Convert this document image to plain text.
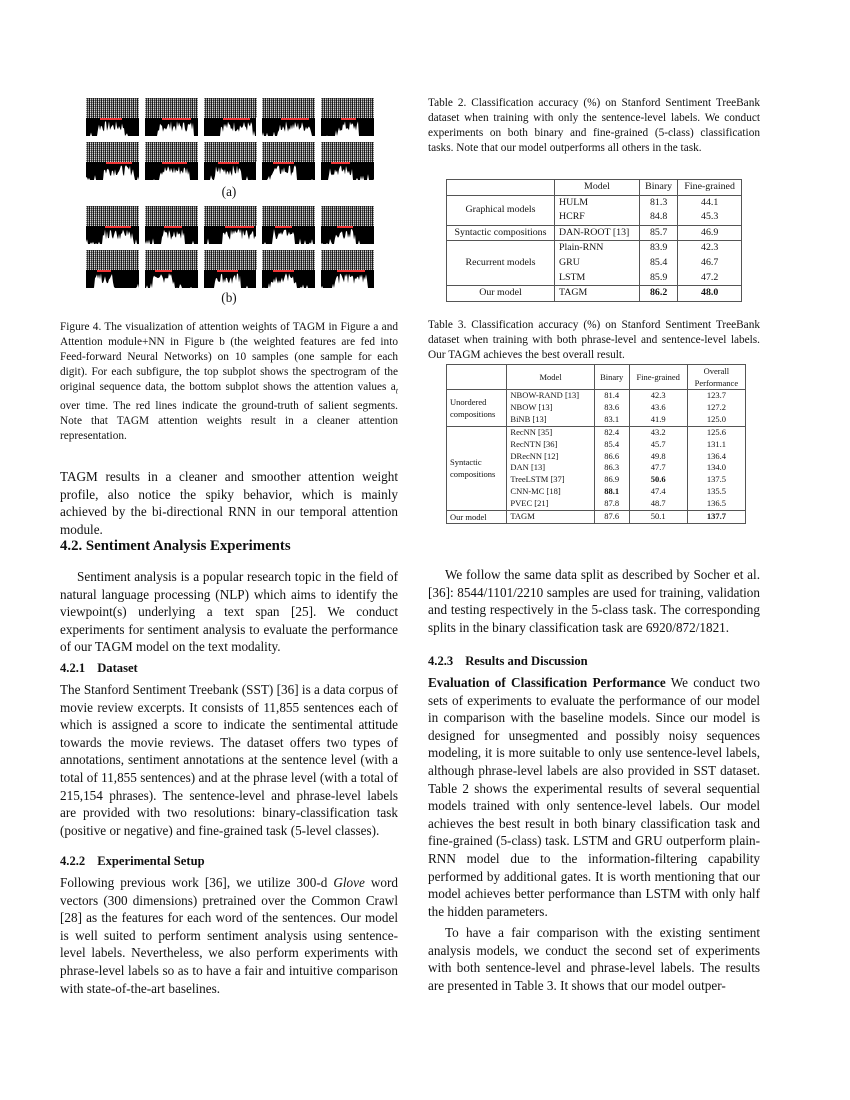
(a)
(b)

Figure 4. The visualization of attention weights of TAGM in Figure a and Attention module+NN in Figure b (the weighted features are fed into Feed-forward Neural Networks) on 10 samples (one sample for each digit). For each subfigure, the top subplot shows the spectrogram of the original sequence data, the bottom subplot shows the attention values $a_t$ over time. The red lines indicate the ground-truth of salient segments. Note that TAGM attention weights result in a cleaner attention representation.

TAGM results in a cleaner and smoother attention weight profile, also notice the spiky behavior, which is mainly achieved by the bi-directional RNN in our temporal attention module.

4.2. Sentiment Analysis Experiments

Sentiment analysis is a popular research topic in the field of natural language processing (NLP) which aims to identify the viewpoint(s) underlying a text span [25]. We conduct experiments for sentiment analysis to evaluate the performance of our TAGM model on the text modality.

4.2.1 Dataset

The Stanford Sentiment Treebank (SST) [36] is a data corpus of movie review excerpts. It consists of 11,855 sentences each of which is assigned a score to indicate the sentimental attitude towards the movie reviews. The dataset offers two types of annotations, sentiment annotations at the sentence level (with a total of 11,855 sentences) and at the phrase level (with a total of 215,154 phrases). The sentence-level and phrase-level labels are provided with two resolutions: binary-classification task (positive or negative) and fine-grained task (5-level classes).

4.2.2 Experimental Setup

Following previous work [36], we utilize 300-d Glove word vectors (300 dimensions) pretrained over the Common Crawl [28] as the features for each word of the sentences. Our model is well suited to perform sentiment analysis using sentence-level labels. Nevertheless, we also perform experiments with phrase-level labels so as to have a fair and intuitive comparison with state-of-the-art baselines.

Table 2. Classification accuracy (%) on Stanford Sentiment TreeBank dataset when training with only the sentence-level labels. We conduct experiments on both binary and fine-grained (5-class) classification tasks. Note that our model outperforms all others in the task.

	Model	Binary	Fine-grained
Graphical models	HULM	81.3	44.1
	HCRF	84.8	45.3
Syntactic compositions	DAN-ROOT [13]	85.7	46.9
Recurrent models	Plain-RNN	83.9	42.3
	GRU	85.4	46.7
	LSTM	85.9	47.2
Our model	TAGM	86.2	48.0

Table 3. Classification accuracy (%) on Stanford Sentiment TreeBank dataset when training with both phrase-level and sentence-level labels. Our TAGM achieves the best overall result.

	Model	Binary	Fine-grained	Overall
Performance

Unordered
compositions	NBOW-RAND [13]	81.4	42.3	123.7
	NBOW [13]	83.6	43.6	127.2
	BiNB [13]	83.1	41.9	125.0

Syntactic
compositions	RecNN [35]	82.4	43.2	125.6
	RecNTN [36]	85.4	45.7	131.1
	DRecNN [12]	86.6	49.8	136.4
	DAN [13]	86.3	47.7	134.0
	TreeLSTM [37]	86.9	50.6	137.5
	CNN-MC [18]	88.1	47.4	135.5
	PVEC [21]	87.8	48.7	136.5

Our model	TAGM	87.6	50.1	137.7

We follow the same data split as described by Socher et al. [36]: 8544/1101/2210 samples are used for training, validation and testing respectively in the 5-class task. The corresponding splits in the binary classification task are 6920/872/1821.

4.2.3 Results and Discussion

Evaluation of Classification Performance We conduct two sets of experiments to evaluate the performance of our model in comparison with the baseline models. Since our model is designed for unsegmented and possibly noisy sequences modeling, it is more suitable to only use sentence-level labels, although phrase-level labels are also provided in SST dataset. Table 2 shows the experimental results of several sequential models trained with only sentence-level labels. Our model achieves the best result in both binary classification task and fine-grained (5-class) task. LSTM and GRU outperform plain-RNN model due to the information-filtering capability performed by additional gates. It is worth mentioning that our model achieves better performance than LSTM with only half the hidden parameters.

To have a fair comparison with the existing sentiment analysis models, we conduct the second set of experiments with both sentence-level and phrase-level labels. The results are presented in Table 3. It shows that our model outper-
